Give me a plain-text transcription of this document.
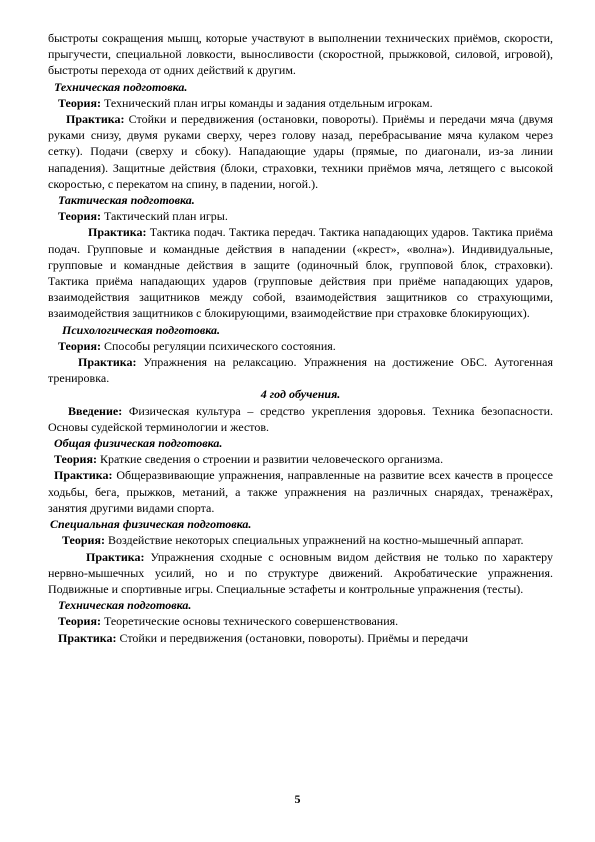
быстроты сокращения мышц, которые участвуют в выполнении технических приёмов, скорости, прыгучести, специальной ловкости, выносливости (скоростной, прыжковой, силовой, игровой), быстроты перехода от одних действий к другим.

Техническая подготовка.

Теория: Технический план игры команды и задания отдельным игрокам.

Практика: Стойки и передвижения (остановки, повороты). Приёмы и передачи мяча (двумя руками снизу, двумя руками сверху, через голову назад, перебрасывание мяча кулаком через сетку). Подачи (сверху и сбоку). Нападающие удары (прямые, по диагонали, из-за линии нападения). Защитные действия (блоки, страховки, техники приёмов мяча, летящего с высокой скоростью, с перекатом на спину, в падении, ногой.).

Тактическая подготовка.

Теория: Тактический план игры.

Практика: Тактика подач. Тактика передач. Тактика нападающих ударов. Тактика приёма подач. Групповые и командные действия в нападении («крест», «волна»). Индивидуальные, групповые и командные действия в защите (одиночный блок, групповой блок, страховки). Тактика приёма нападающих ударов (групповые действия при приёме нападающих ударов, взаимодействия защитников между собой, взаимодействия защитников со страхующими, взаимодействия защитников с блокирующими, взаимодействие при страховке блокирующих).

Психологическая подготовка.

Теория: Способы регуляции психического состояния.

Практика: Упражнения на релаксацию. Упражнения на достижение ОБС. Аутогенная тренировка.

4 год обучения.

Введение: Физическая культура – средство укрепления здоровья. Техника безопасности. Основы судейской терминологии и жестов.

Общая физическая подготовка.

Теория: Краткие сведения о строении и развитии человеческого организма.

Практика: Общеразвивающие упражнения, направленные на развитие всех качеств в процессе ходьбы, бега, прыжков, метаний, а также упражнения на различных снарядах, тренажёрах, занятия другими видами спорта.

Специальная физическая подготовка.

Теория: Воздействие некоторых специальных упражнений на костно-мышечный аппарат.

Практика: Упражнения сходные с основным видом действия не только по характеру нервно-мышечных усилий, но и по структуре движений. Акробатические упражнения. Подвижные и спортивные игры. Специальные эстафеты и контрольные упражнения (тесты).

Техническая подготовка.

Теория: Теоретические основы технического совершенствования.

Практика: Стойки и передвижения (остановки, повороты). Приёмы и передачи

5
